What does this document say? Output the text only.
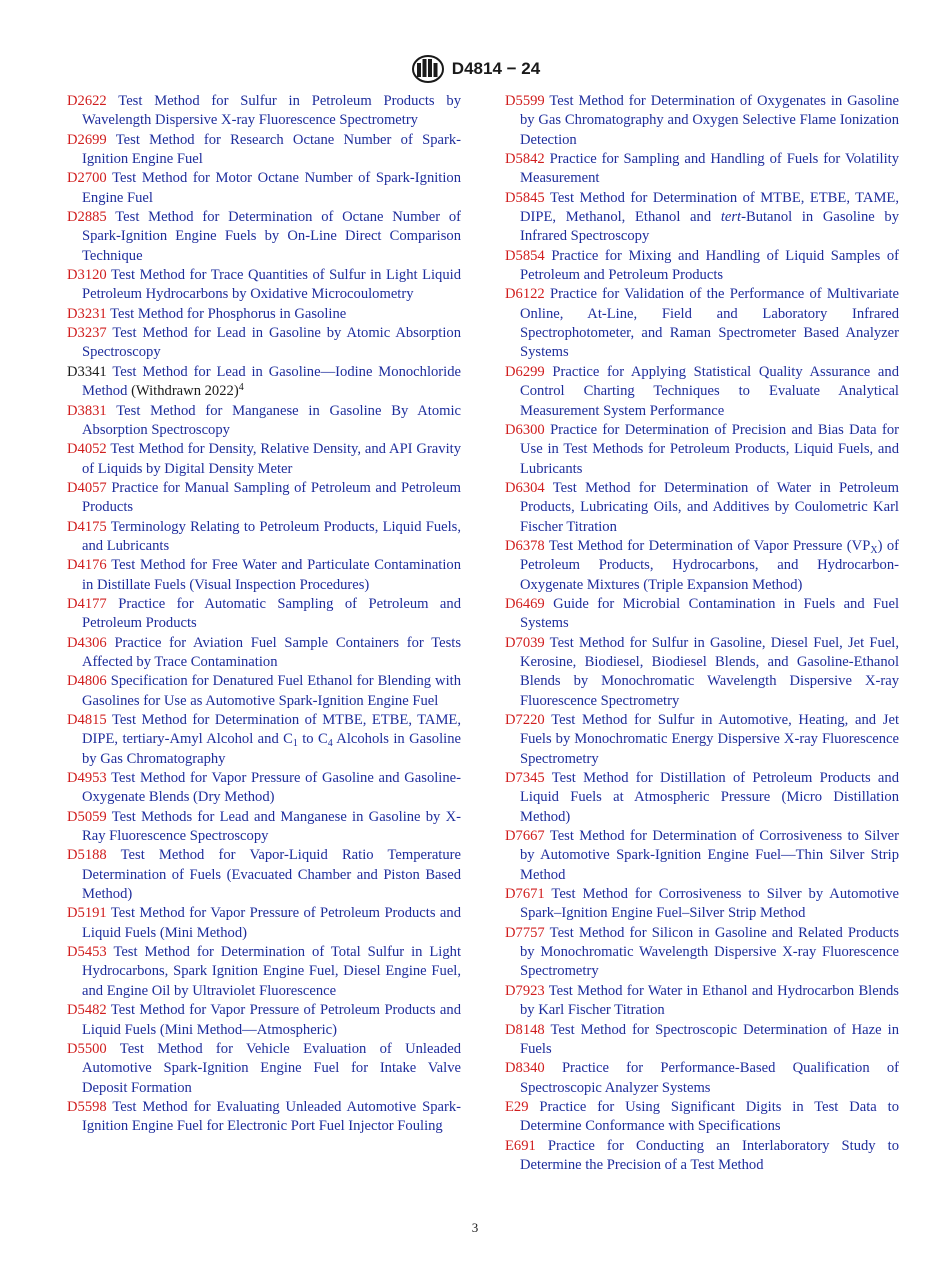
D4814 − 24

D2622 Test Method for Sulfur in Petroleum Products by Wavelength Dispersive X-ray Fluorescence Spectrometry

D2699 Test Method for Research Octane Number of Spark-Ignition Engine Fuel

D2700 Test Method for Motor Octane Number of Spark-Ignition Engine Fuel

D2885 Test Method for Determination of Octane Number of Spark-Ignition Engine Fuels by On-Line Direct Comparison Technique

D3120 Test Method for Trace Quantities of Sulfur in Light Liquid Petroleum Hydrocarbons by Oxidative Microcoulometry

D3231 Test Method for Phosphorus in Gasoline

D3237 Test Method for Lead in Gasoline by Atomic Absorption Spectroscopy

D3341 Test Method for Lead in Gasoline—Iodine Monochloride Method (Withdrawn 2022)$^4$

D3831 Test Method for Manganese in Gasoline By Atomic Absorption Spectroscopy

D4052 Test Method for Density, Relative Density, and API Gravity of Liquids by Digital Density Meter

D4057 Practice for Manual Sampling of Petroleum and Petroleum Products

D4175 Terminology Relating to Petroleum Products, Liquid Fuels, and Lubricants

D4176 Test Method for Free Water and Particulate Contamination in Distillate Fuels (Visual Inspection Procedures)

D4177 Practice for Automatic Sampling of Petroleum and Petroleum Products

D4306 Practice for Aviation Fuel Sample Containers for Tests Affected by Trace Contamination

D4806 Specification for Denatured Fuel Ethanol for Blending with Gasolines for Use as Automotive Spark-Ignition Engine Fuel

D4815 Test Method for Determination of MTBE, ETBE, TAME, DIPE, tertiary-Amyl Alcohol and $C_1$ to $C_4$ Alcohols in Gasoline by Gas Chromatography

D4953 Test Method for Vapor Pressure of Gasoline and Gasoline-Oxygenate Blends (Dry Method)

D5059 Test Methods for Lead and Manganese in Gasoline by X-Ray Fluorescence Spectroscopy

D5188 Test Method for Vapor-Liquid Ratio Temperature Determination of Fuels (Evacuated Chamber and Piston Based Method)

D5191 Test Method for Vapor Pressure of Petroleum Products and Liquid Fuels (Mini Method)

D5453 Test Method for Determination of Total Sulfur in Light Hydrocarbons, Spark Ignition Engine Fuel, Diesel Engine Fuel, and Engine Oil by Ultraviolet Fluorescence

D5482 Test Method for Vapor Pressure of Petroleum Products and Liquid Fuels (Mini Method—Atmospheric)

D5500 Test Method for Vehicle Evaluation of Unleaded Automotive Spark-Ignition Engine Fuel for Intake Valve Deposit Formation

D5598 Test Method for Evaluating Unleaded Automotive Spark-Ignition Engine Fuel for Electronic Port Fuel Injector Fouling

D5599 Test Method for Determination of Oxygenates in Gasoline by Gas Chromatography and Oxygen Selective Flame Ionization Detection

D5842 Practice for Sampling and Handling of Fuels for Volatility Measurement

D5845 Test Method for Determination of MTBE, ETBE, TAME, DIPE, Methanol, Ethanol and tert-Butanol in Gasoline by Infrared Spectroscopy

D5854 Practice for Mixing and Handling of Liquid Samples of Petroleum and Petroleum Products

D6122 Practice for Validation of the Performance of Multivariate Online, At-Line, Field and Laboratory Infrared Spectrophotometer, and Raman Spectrometer Based Analyzer Systems

D6299 Practice for Applying Statistical Quality Assurance and Control Charting Techniques to Evaluate Analytical Measurement System Performance

D6300 Practice for Determination of Precision and Bias Data for Use in Test Methods for Petroleum Products, Liquid Fuels, and Lubricants

D6304 Test Method for Determination of Water in Petroleum Products, Lubricating Oils, and Additives by Coulometric Karl Fischer Titration

D6378 Test Method for Determination of Vapor Pressure $(VP_X)$ of Petroleum Products, Hydrocarbons, and Hydrocarbon-Oxygenate Mixtures (Triple Expansion Method)

D6469 Guide for Microbial Contamination in Fuels and Fuel Systems

D7039 Test Method for Sulfur in Gasoline, Diesel Fuel, Jet Fuel, Kerosine, Biodiesel, Biodiesel Blends, and Gasoline-Ethanol Blends by Monochromatic Wavelength Dispersive X-ray Fluorescence Spectrometry

D7220 Test Method for Sulfur in Automotive, Heating, and Jet Fuels by Monochromatic Energy Dispersive X-ray Fluorescence Spectrometry

D7345 Test Method for Distillation of Petroleum Products and Liquid Fuels at Atmospheric Pressure (Micro Distillation Method)

D7667 Test Method for Determination of Corrosiveness to Silver by Automotive Spark-Ignition Engine Fuel—Thin Silver Strip Method

D7671 Test Method for Corrosiveness to Silver by Automotive Spark–Ignition Engine Fuel–Silver Strip Method

D7757 Test Method for Silicon in Gasoline and Related Products by Monochromatic Wavelength Dispersive X-ray Fluorescence Spectrometry

D7923 Test Method for Water in Ethanol and Hydrocarbon Blends by Karl Fischer Titration

D8148 Test Method for Spectroscopic Determination of Haze in Fuels

D8340 Practice for Performance-Based Qualification of Spectroscopic Analyzer Systems

E29 Practice for Using Significant Digits in Test Data to Determine Conformance with Specifications

E691 Practice for Conducting an Interlaboratory Study to Determine the Precision of a Test Method

3
